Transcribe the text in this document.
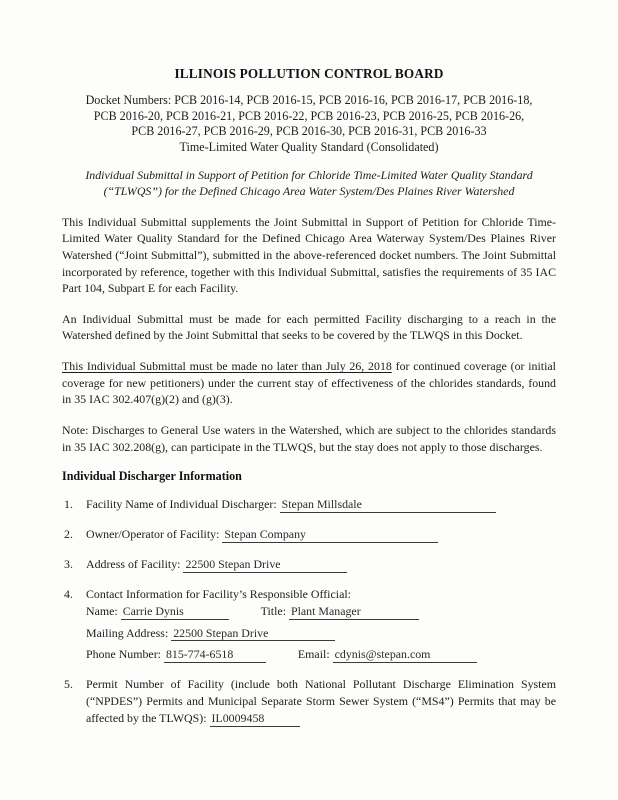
ILLINOIS POLLUTION CONTROL BOARD
Docket Numbers: PCB 2016-14, PCB 2016-15, PCB 2016-16, PCB 2016-17, PCB 2016-18,
PCB 2016-20, PCB 2016-21, PCB 2016-22, PCB 2016-23, PCB 2016-25, PCB 2016-26,
PCB 2016-27, PCB 2016-29, PCB 2016-30, PCB 2016-31, PCB 2016-33
Time-Limited Water Quality Standard (Consolidated)
Individual Submittal in Support of Petition for Chloride Time-Limited Water Quality Standard
(“TLWQS”) for the Defined Chicago Area Water System/Des Plaines River Watershed

This Individual Submittal supplements the Joint Submittal in Support of Petition for Chloride Time-Limited Water Quality Standard for the Defined Chicago Area Waterway System/Des Plaines River Watershed (“Joint Submittal”), submitted in the above-referenced docket numbers. The Joint Submittal incorporated by reference, together with this Individual Submittal, satisfies the requirements of 35 IAC Part 104, Subpart E for each Facility.

An Individual Submittal must be made for each permitted Facility discharging to a reach in the Watershed defined by the Joint Submittal that seeks to be covered by the TLWQS in this Docket.

This Individual Submittal must be made no later than July 26, 2018 for continued coverage (or initial coverage for new petitioners) under the current stay of effectiveness of the chlorides standards, found in 35 IAC 302.407(g)(2) and (g)(3).

Note: Discharges to General Use waters in the Watershed, which are subject to the chlorides standards in 35 IAC 302.208(g), can participate in the TLWQS, but the stay does not apply to those discharges.

Individual Discharger Information
1. Facility Name of Individual Discharger: Stepan Millsdale
2. Owner/Operator of Facility: Stepan Company
3. Address of Facility: 22500 Stepan Drive
4. Contact Information for Facility’s Responsible Official:
Name: Carrie Dynis	Title: Plant Manager
Mailing Address: 22500 Stepan Drive
Phone Number: 815-774-6518	Email: cdynis@stepan.com
5. Permit Number of Facility (include both National Pollutant Discharge Elimination System (“NPDES”) Permits and Municipal Separate Storm Sewer System (“MS4”) Permits that may be affected by the TLWQS): IL0009458
